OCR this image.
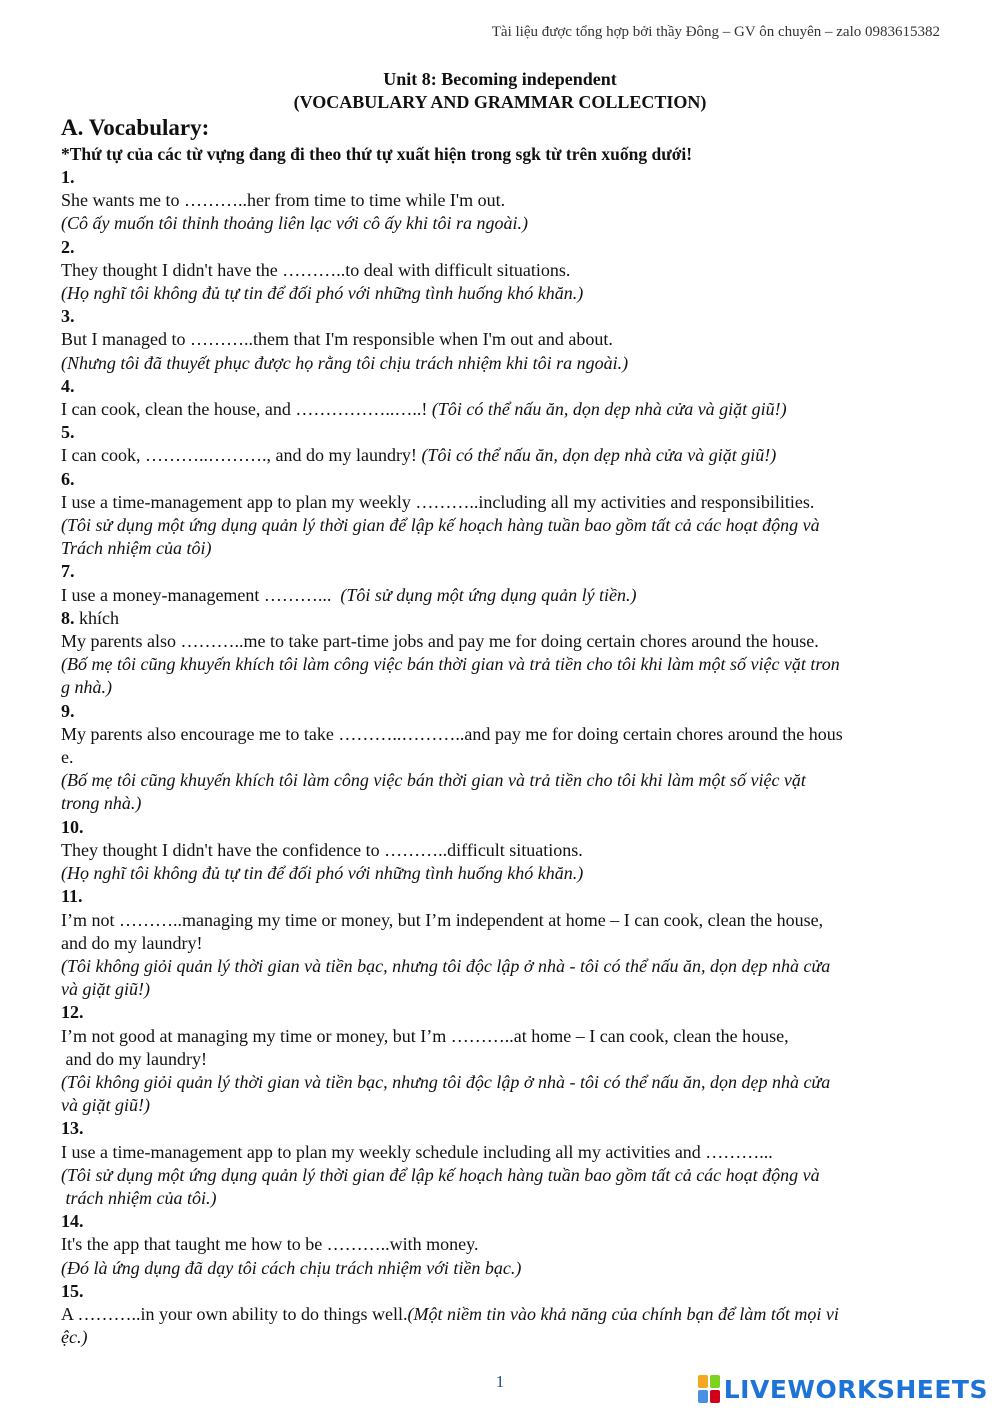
Tài liệu được tổng hợp bởi thầy Đông – GV ôn chuyên – zalo 0983615382
Unit 8: Becoming independent
(VOCABULARY AND GRAMMAR COLLECTION)
A. Vocabulary:
*Thứ tự của các từ vựng đang đi theo thứ tự xuất hiện trong sgk từ trên xuống dưới!
1.
She wants me to ………..her from time to time while I'm out.
(Cô ấy muốn tôi thỉnh thoảng liên lạc với cô ấy khi tôi ra ngoài.)
2.
They thought I didn't have the ………..to deal with difficult situations.
(Họ nghĩ tôi không đủ tự tin để đối phó với những tình huống khó khăn.)
3.
But I managed to ………..them that I'm responsible when I'm out and about.
(Nhưng tôi đã thuyết phục được họ rằng tôi chịu trách nhiệm khi tôi ra ngoài.)
4.
I can cook, clean the house, and ……………..…..! (Tôi có thể nấu ăn, dọn dẹp nhà cửa và giặt giũ!)
5.
I can cook, ………..………., and do my laundry! (Tôi có thể nấu ăn, dọn dẹp nhà cửa và giặt giũ!)
6.
I use a time-management app to plan my weekly ………..including all my activities and responsibilities.
(Tôi sử dụng một ứng dụng quản lý thời gian để lập kế hoạch hàng tuần bao gồm tất cả các hoạt động và
Trách nhiệm của tôi)
7.
I use a money-management ………... (Tôi sử dụng một ứng dụng quản lý tiền.)
8. khích
My parents also ………..me to take part-time jobs and pay me for doing certain chores around the house.
(Bố mẹ tôi cũng khuyến khích tôi làm công việc bán thời gian và trả tiền cho tôi khi làm một số việc vặt tron
g nhà.)
9.
My parents also encourage me to take ………..………..and pay me for doing certain chores around the hous
e.
(Bố mẹ tôi cũng khuyến khích tôi làm công việc bán thời gian và trả tiền cho tôi khi làm một số việc vặt
trong nhà.)
10.
They thought I didn't have the confidence to ………..difficult situations.
(Họ nghĩ tôi không đủ tự tin để đối phó với những tình huống khó khăn.)
11.
I’m not ………..managing my time or money, but I’m independent at home – I can cook, clean the house,
and do my laundry!
(Tôi không giỏi quản lý thời gian và tiền bạc, nhưng tôi độc lập ở nhà - tôi có thể nấu ăn, dọn dẹp nhà cửa
và giặt giũ!)
12.
I’m not good at managing my time or money, but I’m ………..at home – I can cook, clean the house,
and do my laundry!
(Tôi không giỏi quản lý thời gian và tiền bạc, nhưng tôi độc lập ở nhà - tôi có thể nấu ăn, dọn dẹp nhà cửa
và giặt giũ!)
13.
I use a time-management app to plan my weekly schedule including all my activities and ………...
(Tôi sử dụng một ứng dụng quản lý thời gian để lập kế hoạch hàng tuần bao gồm tất cả các hoạt động và
trách nhiệm của tôi.)
14.
It's the app that taught me how to be ………..with money.
(Đó là ứng dụng đã dạy tôi cách chịu trách nhiệm với tiền bạc.)
15.
A ………..in your own ability to do things well.(Một niềm tin vào khả năng của chính bạn để làm tốt mọi vi
ệc.)
1	LIVEWORKSHEETS
